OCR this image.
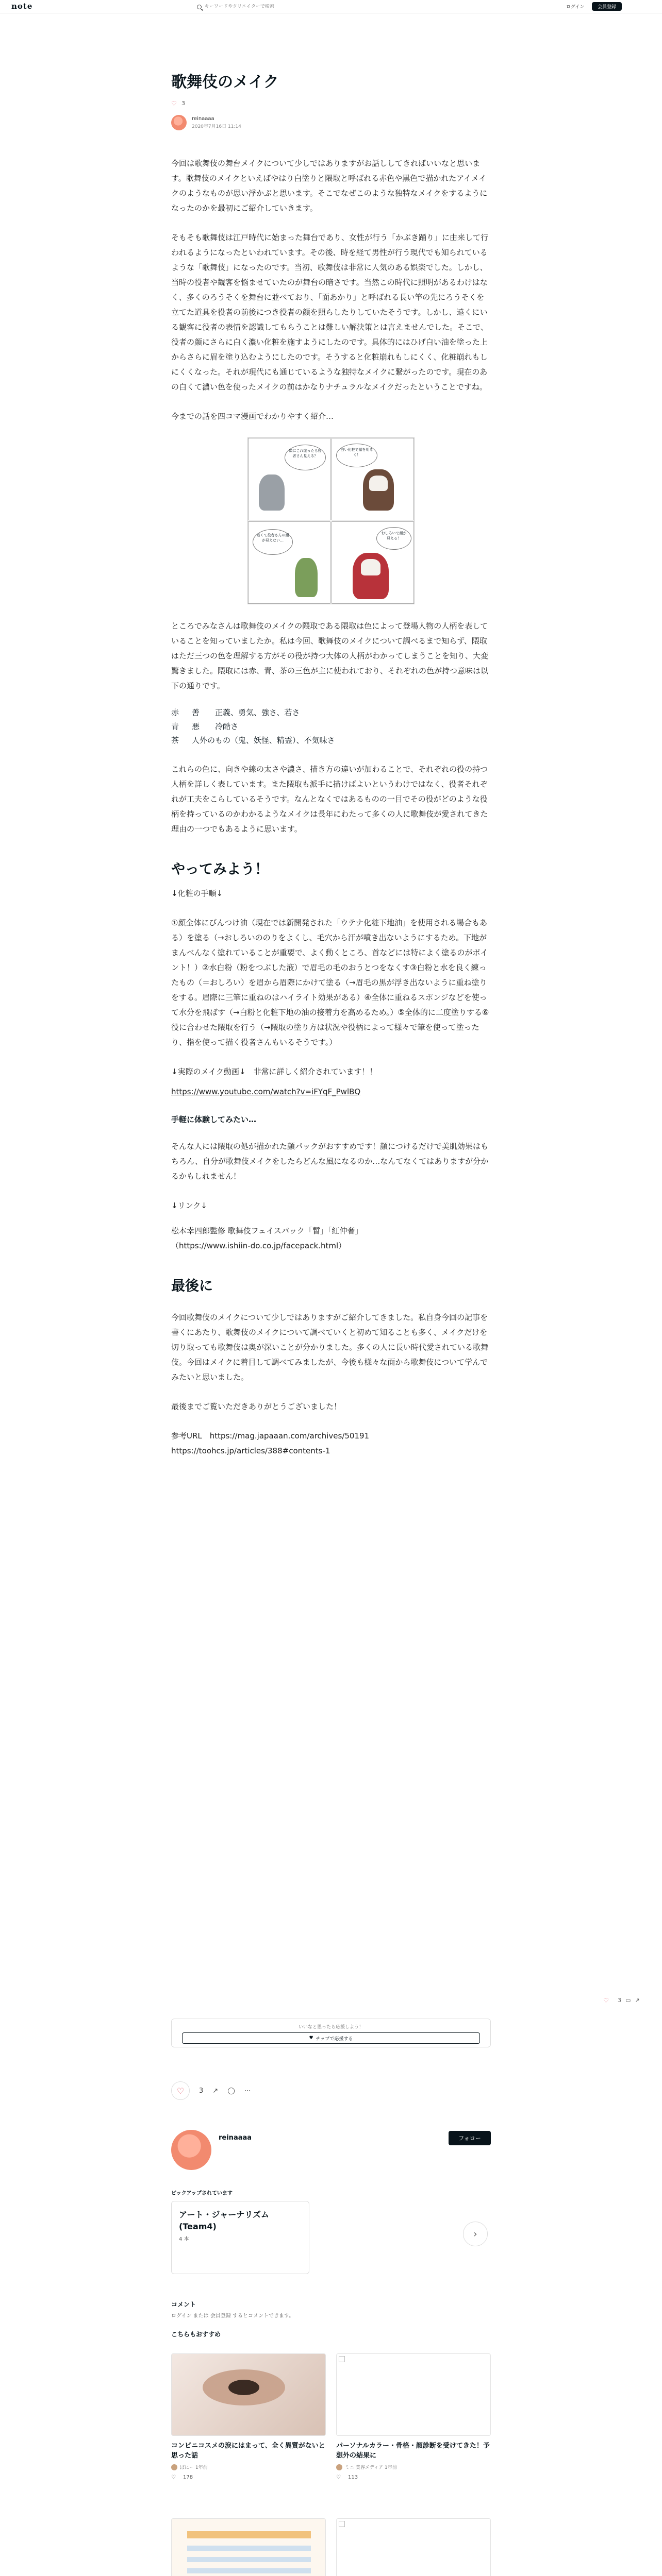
note
キーワードやクリエイターで検索	ログイン	会員登録
歌舞伎のメイク
♡ 3
reinaaaa
2020年7月16日 11:14

今回は歌舞伎の舞台メイクについて少しではありますがお話ししてきればいいなと思います。歌舞伎のメイクといえばやはり白塗りと隈取と呼ばれる赤色や黒色で描かれたアイメイクのようなものが思い浮かぶと思います。そこでなぜこのような独特なメイクをするようになったのかを最初にご紹介していきます。

そもそも歌舞伎は江戸時代に始まった舞台であり、女性が行う「かぶき踊り」に由来して行われるようになったといわれています。その後、時を経て男性が行う現代でも知られているような「歌舞伎」になったのです。当初、歌舞伎は非常に人気のある娯楽でした。しかし、当時の役者や観客を悩ませていたのが舞台の暗さです。当然この時代に照明があるわけはなく、多くのろうそくを舞台に並べており、「面あかり」と呼ばれる長い竿の先にろうそくを立てた道具を役者の前後につき役者の顔を照らしたりしていたそうです。しかし、遠くにいる観客に役者の表情を認識してもらうことは難しい解決策とは言えませんでした。そこで、役者の顔にさらに白く濃い化粧を施すようにしたのです。具体的にはひげ白い油を塗った上からさらに眉を塗り込むようにしたのです。そうすると化粧崩れもしにくく、化粧崩れもしにくくなった。それが現代にも通じているような独特なメイクに繋がったのです。現在のあの白くて濃い色を使ったメイクの前はかなりナチュラルなメイクだったということですね。

今までの話を四コマ漫画でわかりやすく紹介…

顔にこれ塗ったら役者さん見える？
白い化粧で顔を明るく！
暗くて役者さんの顔が見えない…
おしろいで顔が見える！

ところでみなさんは歌舞伎のメイクの隈取である隈取は色によって登場人物の人柄を表していることを知っていましたか。私は今回、歌舞伎のメイクについて調べるまで知らず、隈取はただ三つの色を理解する方がその役が持つ大体の人柄がわかってしまうことを知り、大変驚きました。隈取には赤、青、茶の三色が主に使われており、それぞれの色が持つ意味は以下の通りです。

赤	善　　正義、勇気、強さ、若さ
青	悪　　冷酷さ
茶	人外のもの（鬼、妖怪、精霊）、不気味さ

これらの色に、向きや線の太さや濃さ、描き方の違いが加わることで、それぞれの役の持つ人柄を詳しく表しています。また隈取も派手に描けばよいというわけではなく、役者それぞれが工夫をこらしているそうです。なんとなくではあるものの一目でその役がどのような役柄を持っているのかわかるようなメイクは長年にわたって多くの人に歌舞伎が愛されてきた理由の一つでもあるように思います。

やってみよう！

↓化粧の手順↓

①顔全体にびんつけ油（現在では新開発された「ウテナ化粧下地油」を使用される場合もある）を塗る（→おしろいののりをよくし、毛穴から汗が噴き出ないようにするため。下地がまんべんなく塗れていることが重要で、よく動くところ、首などには特によく塗るのがポイント！）②水白粉（粉をつぶした液）で眉毛の毛のおうとつをなくす③白粉と水を良く練ったもの（＝おしろい）を眉から眉際にかけて塗る（→眉毛の黒が浮き出ないように重ね塗りをする。眉際に三筆に重ねのはハイライト効果がある）④全体に重ねるスポンジなどを使って水分を飛ばす（→白粉と化粧下地の油の接着力を高めるため。）⑤全体的に二度塗りする⑥役に合わせた隈取を行う（→隈取の塗り方は状況や役柄によって様々で筆を使って塗ったり、指を使って描く役者さんもいるそうです。）

↓実際のメイク動画↓　非常に詳しく紹介されています！！

https://www.youtube.com/watch?v=iFYqF_PwlBQ

手軽に体験してみたい…

そんな人には隈取の処が描かれた顔パックがおすすめです！顔につけるだけで美肌効果はもちろん、自分が歌舞伎メイクをしたらどんな風になるのか…なんてなくてはありますが分かるかもしれません！

↓リンク↓

松本幸四郎監修 歌舞伎フェイスパック「暫」「紅仲奢」

（https://www.ishiin-do.co.jp/facepack.html）

最後に

今回歌舞伎のメイクについて少しではありますがご紹介してきました。私自身今回の記事を書くにあたり、歌舞伎のメイクについて調べていくと初めて知ることも多く、メイクだけを切り取っても歌舞伎は奥が深いことが分かりました。多くの人に長い時代愛されている歌舞伎。今回はメイクに着目して調べてみましたが、今後も様々な面から歌舞伎について学んでみたいと思いました。

最後までご覧いただきありがとうございました！

参考URL　 https://mag.japaaan.com/archives/50191

https://toohcs.jp/articles/388#contents-1

♡ 3 ▭ ↗
いいなと思ったら応援しよう！
♥ チップで応援する
♡ 3 ↗ ◯ ⋯
reinaaaa	フォロー
ピックアップされています
アート・ジャーナリズム(Team4)
4 本	›
コメント
ログイン または 会員登録 するとコメントできます。
こちらもおすすめ
コンビニコスメの涙にはまって、全く異質がないと思った話
ぽにー 1年前
♡ 178
パーソナルカラー・骨格・顔診断を受けてきた！予想外の結果に
ミニ 美容メディア 1年前
♡ 113
